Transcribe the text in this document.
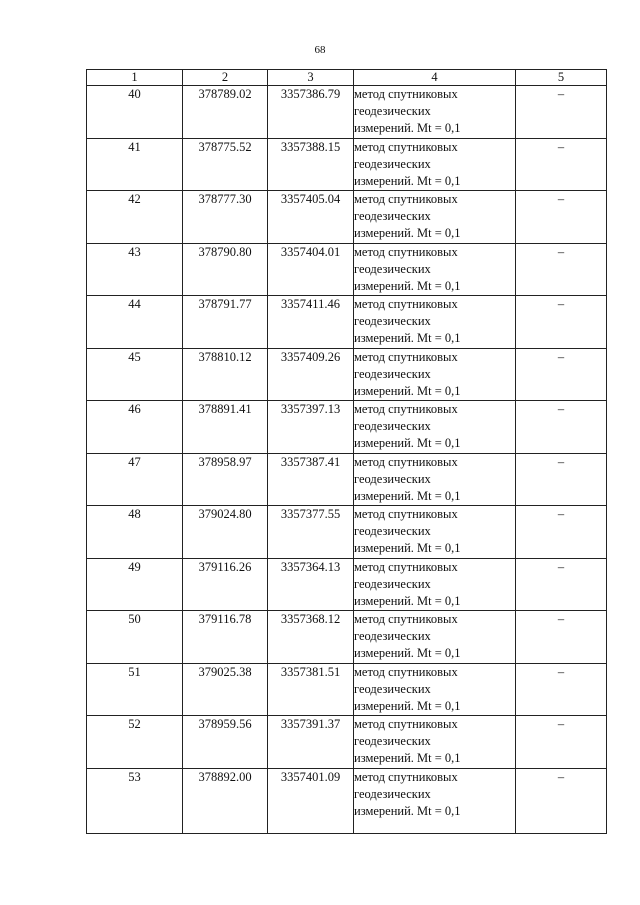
68
1	2	3	4	5
40	378789.02	3357386.79	метод спутниковых
геодезических
измерений. Mt = 0,1	–
41	378775.52	3357388.15	метод спутниковых
геодезических
измерений. Mt = 0,1	–
42	378777.30	3357405.04	метод спутниковых
геодезических
измерений. Mt = 0,1	–
43	378790.80	3357404.01	метод спутниковых
геодезических
измерений. Mt = 0,1	–
44	378791.77	3357411.46	метод спутниковых
геодезических
измерений. Mt = 0,1	–
45	378810.12	3357409.26	метод спутниковых
геодезических
измерений. Mt = 0,1	–
46	378891.41	3357397.13	метод спутниковых
геодезических
измерений. Mt = 0,1	–
47	378958.97	3357387.41	метод спутниковых
геодезических
измерений. Mt = 0,1	–
48	379024.80	3357377.55	метод спутниковых
геодезических
измерений. Mt = 0,1	–
49	379116.26	3357364.13	метод спутниковых
геодезических
измерений. Mt = 0,1	–
50	379116.78	3357368.12	метод спутниковых
геодезических
измерений. Mt = 0,1	–
51	379025.38	3357381.51	метод спутниковых
геодезических
измерений. Mt = 0,1	–
52	378959.56	3357391.37	метод спутниковых
геодезических
измерений. Mt = 0,1	–
53	378892.00	3357401.09	метод спутниковых
геодезических
измерений. Mt = 0,1	–
